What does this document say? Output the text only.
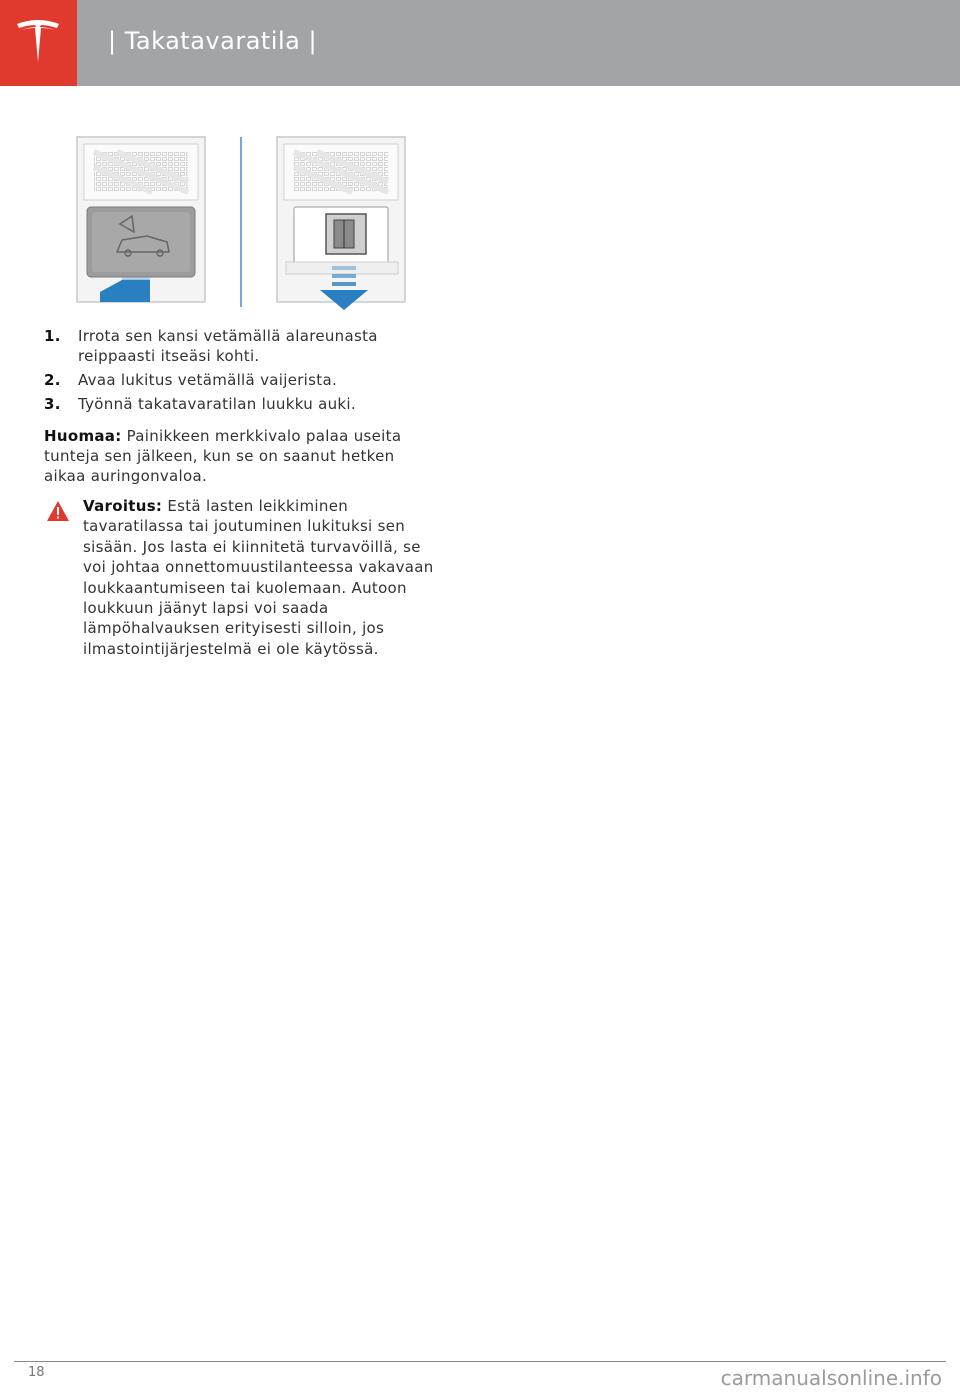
| Takatavaratila |
1. Irrota sen kansi vetämällä alareunasta reippaasti itseäsi kohti.
2. Avaa lukitus vetämällä vaijerista.
3. Työnnä takatavaratilan luukku auki.

Huomaa: Painikkeen merkkivalo palaa useita tunteja sen jälkeen, kun se on saanut hetken aikaa auringonvaloa.

Varoitus: Estä lasten leikkiminen tavaratilassa tai joutuminen lukituksi sen sisään. Jos lasta ei kiinnitetä turvavöillä, se voi johtaa onnettomuustilanteessa vakavaan loukkaantumiseen tai kuolemaan. Autoon loukkuun jäänyt lapsi voi saada lämpöhalvauksen erityisesti silloin, jos ilmastointijärjestelmä ei ole käytössä.

18	carmanualsonline.info
